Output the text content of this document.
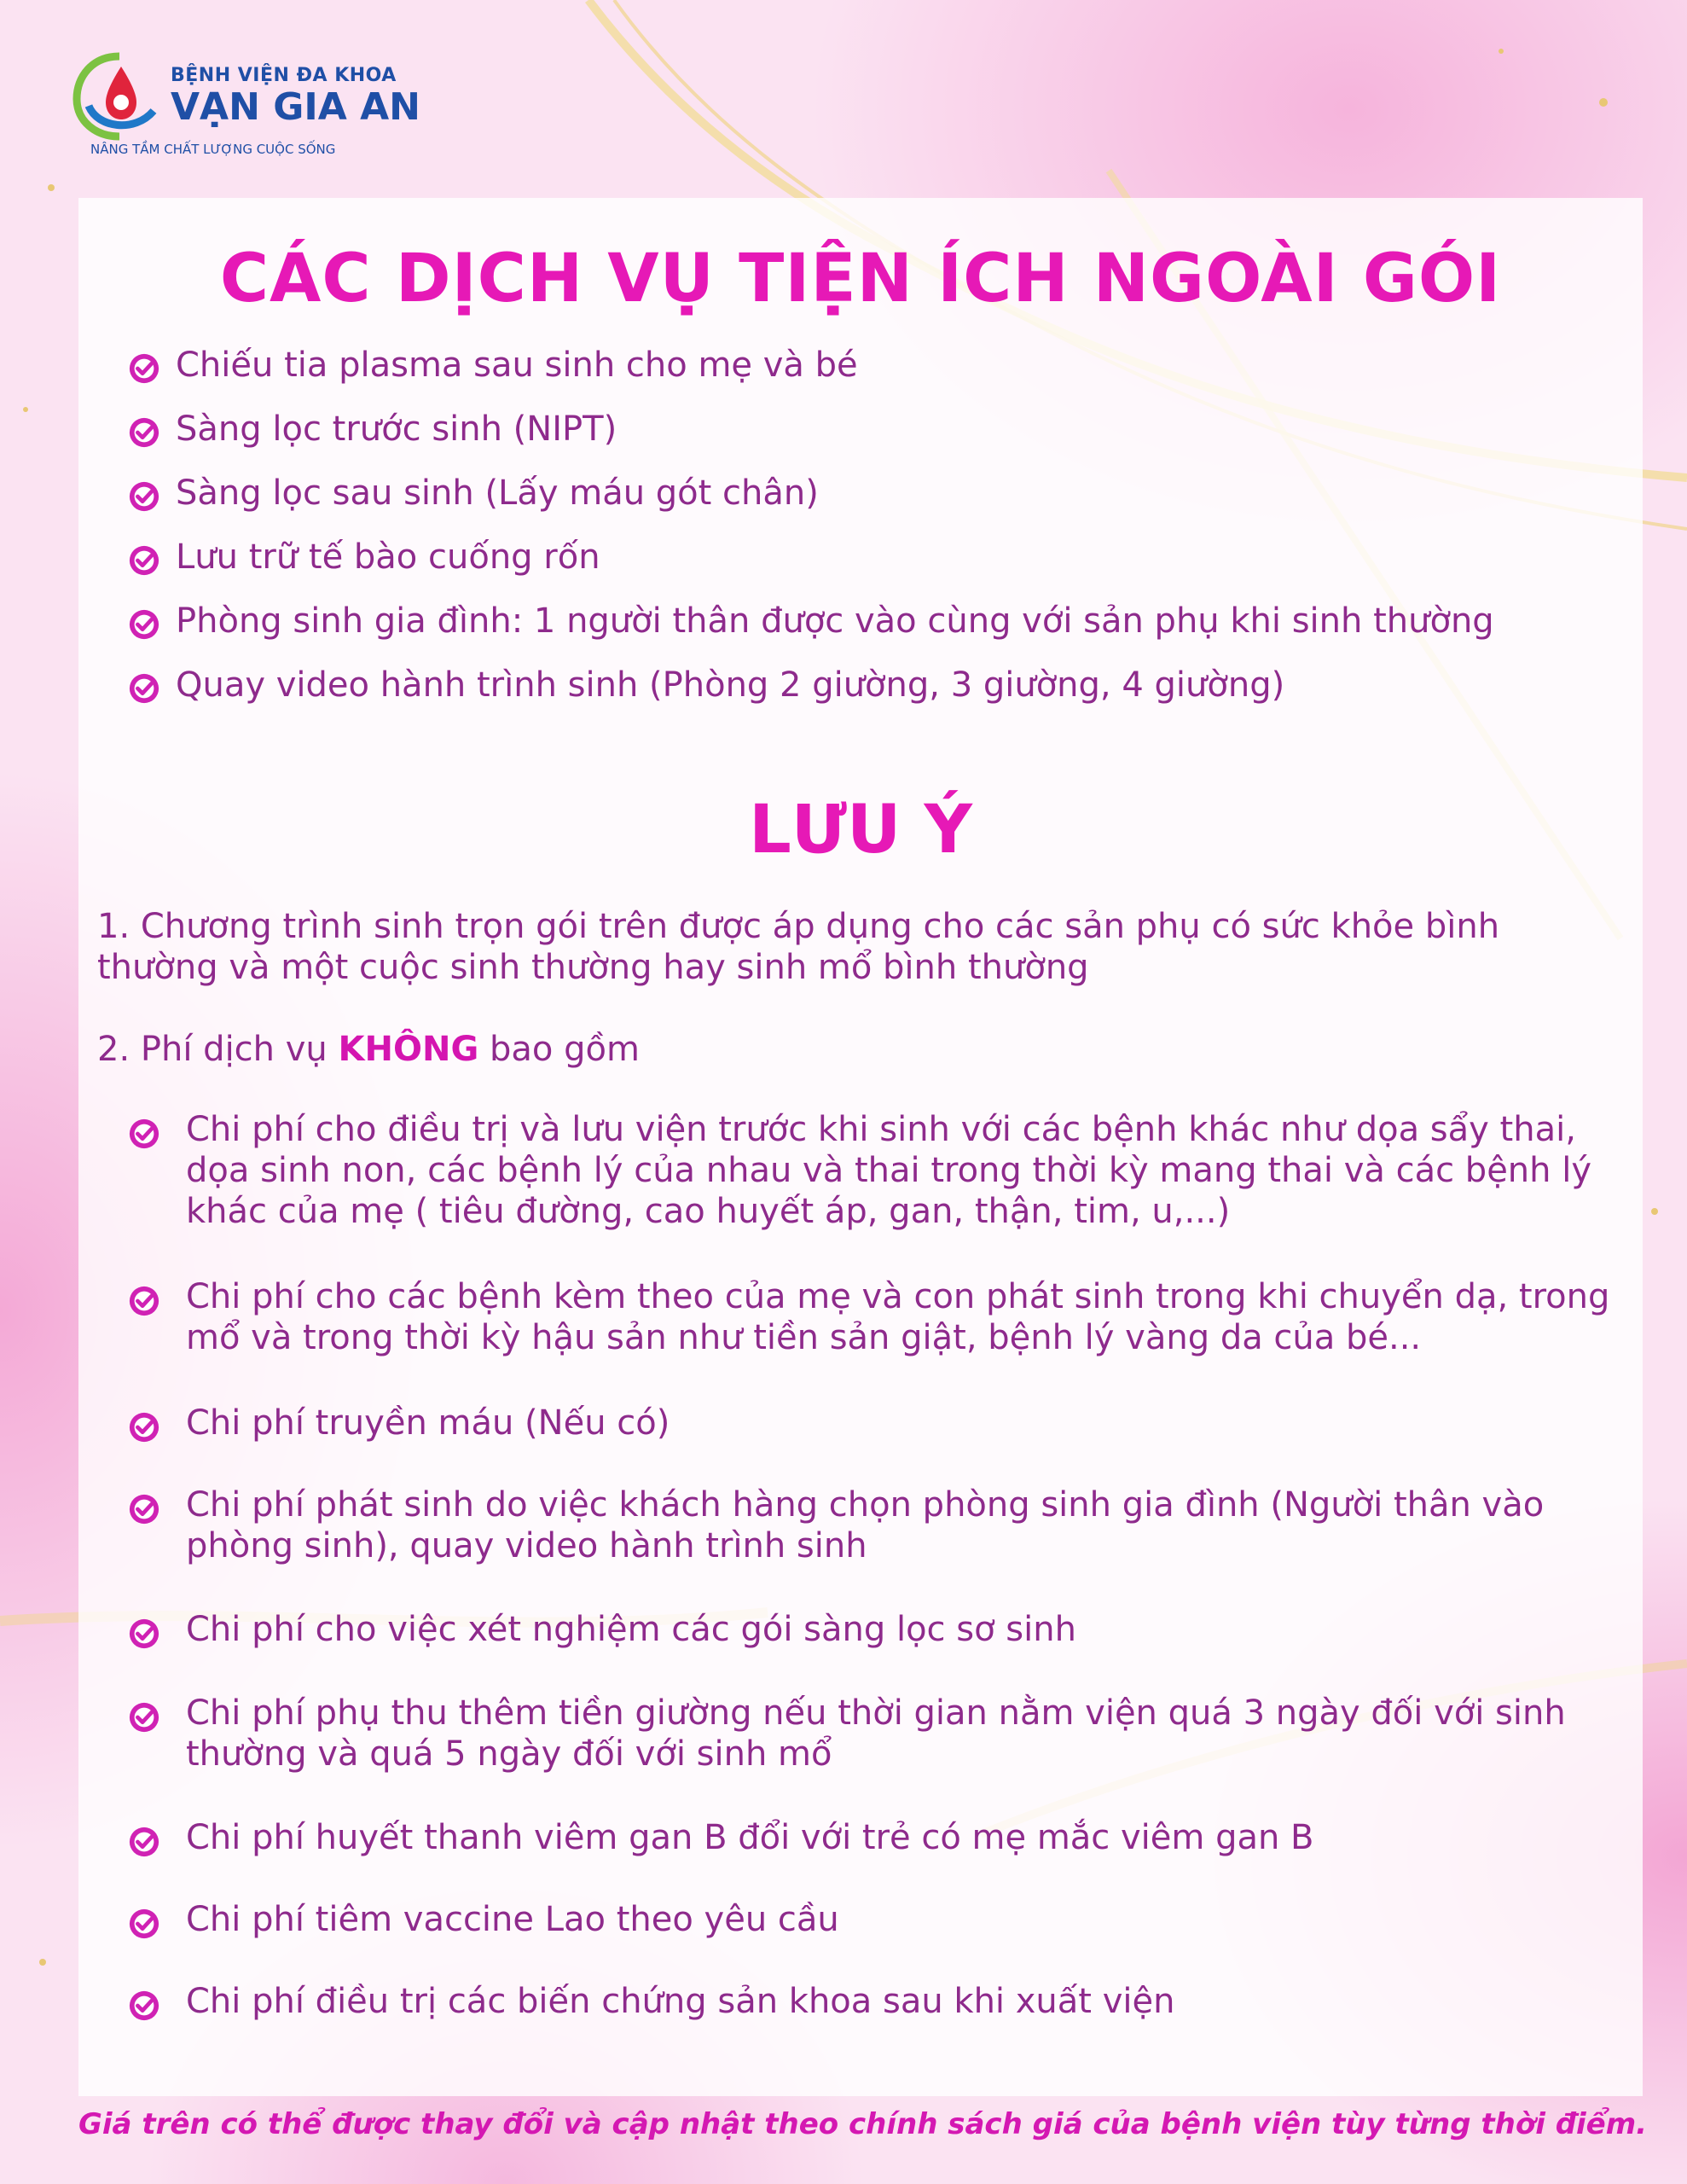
BỆNH VIỆN ĐA KHOA
VẠN GIA AN
NÂNG TẦM CHẤT LƯỢNG CUỘC SỐNG
CÁC DỊCH VỤ TIỆN ÍCH NGOÀI GÓI
Chiếu tia plasma sau sinh cho mẹ và bé
Sàng lọc trước sinh (NIPT)
Sàng lọc sau sinh (Lấy máu gót chân)
Lưu trữ tế bào cuống rốn
Phòng sinh gia đình: 1 người thân được vào cùng với sản phụ khi sinh thường
Quay video hành trình sinh (Phòng 2 giường, 3 giường, 4 giường)
LƯU Ý
1. Chương trình sinh trọn gói trên được áp dụng cho các sản phụ có sức khỏe bình thường và một cuộc sinh thường hay sinh mổ bình thường
2. Phí dịch vụ KHÔNG bao gồm
Chi phí cho điều trị và lưu viện trước khi sinh với các bệnh khác như dọa sẩy thai, dọa sinh non, các bệnh lý của nhau và thai trong thời kỳ mang thai và các bệnh lý khác của mẹ ( tiêu đường, cao huyết áp, gan, thận, tim, u,...)
Chi phí cho các bệnh kèm theo của mẹ và con phát sinh trong khi chuyển dạ, trong mổ và trong thời kỳ hậu sản như tiền sản giật, bệnh lý vàng da của bé...
Chi phí truyền máu (Nếu có)
Chi phí phát sinh do việc khách hàng chọn phòng sinh gia đình (Người thân vào phòng sinh), quay video hành trình sinh
Chi phí cho việc xét nghiệm các gói sàng lọc sơ sinh
Chi phí phụ thu thêm tiền giường nếu thời gian nằm viện quá 3 ngày đối với sinh thường và quá 5 ngày đối với sinh mổ
Chi phí huyết thanh viêm gan B đổi với trẻ có mẹ mắc viêm gan B
Chi phí tiêm vaccine Lao theo yêu cầu
Chi phí điều trị các biến chứng sản khoa sau khi xuất viện
Giá trên có thể được thay đổi và cập nhật theo chính sách giá của bệnh viện tùy từng thời điểm.
